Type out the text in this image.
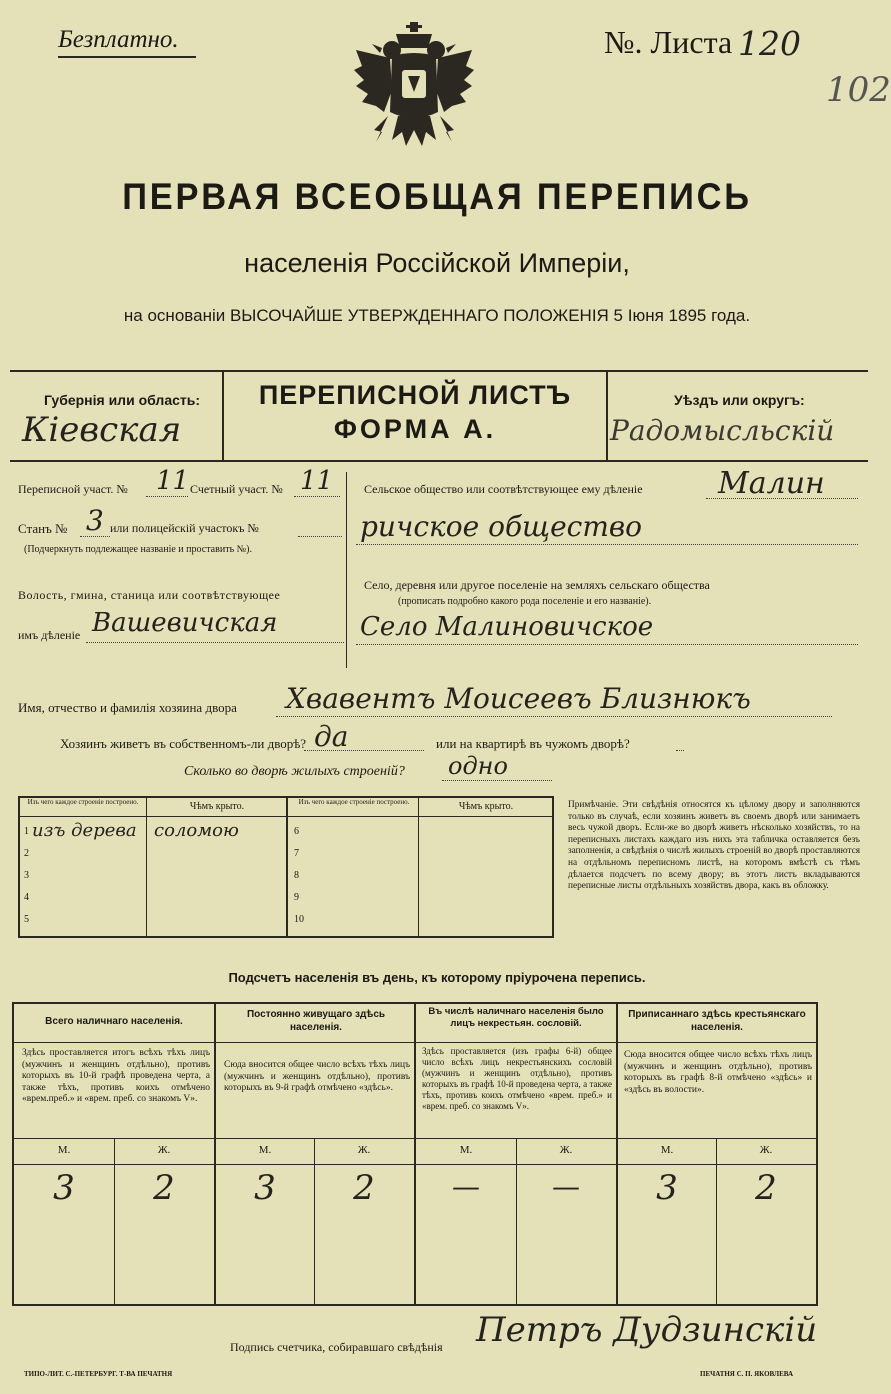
Безплатно.	№. Листа 120
102
ПЕРВАЯ ВСЕОБЩАЯ ПЕРЕПИСЬ
населенія Россійской Имперіи,
на основаніи ВЫСОЧАЙШЕ УТВЕРЖДЕННАГО ПОЛОЖЕНІЯ 5 Іюня 1895 года.
Губернія или область:
Кіевская
ПЕРЕПИСНОЙ ЛИСТЪ
ФОРМА А.
Уѣздъ или округъ:
Радомысльскій
Переписной участ. № 11 Счетный участ. № 11
Станъ № 3 или полицейскій участокъ №
(Подчеркнуть подлежащее названіе и проставить №).
Волость, гмина, станица или соотвѣтствующее
имъ дѣленіе Вашевичская
Сельское общество или соотвѣтствующее ему дѣленіе	Малин
ричское общество
Село, деревня или другое поселеніе на земляхъ сельскаго общества
(прописать подробно какого рода поселеніе и его названіе).
Село Малиновичское
Имя, отчество и фамилія хозяина двора Хвавентъ Моисеевъ Близнюкъ
Хозяинъ живетъ въ собственномъ-ли дворѣ? да	или на квартирѣ въ чужомъ дворѣ?
Сколько во дворѣ жилыхъ строеній? одно
Изъ чего каждое строеніе построено.	Чѣмъ крыто.	Изъ чего каждое строеніе построено.	Чѣмъ крыто.
1 изъ дерева соломою
2
3
4
5
6
7
8
9
10
Примѣчаніе. Эти свѣдѣнія относятся къ цѣлому двору и заполняются только въ случаѣ, если хозяинъ живетъ въ своемъ дворѣ или занимаетъ весь чужой дворъ. Если-же во дворѣ живетъ нѣсколько хозяйствъ, то на переписныхъ листахъ каждаго изъ нихъ эта табличка оставляется безъ заполненія, а свѣдѣнія о числѣ жилыхъ строеній во дворѣ проставляются на отдѣльномъ переписномъ листѣ, на которомъ вмѣстѣ съ тѣмъ дѣлается подсчетъ по всему двору; въ этотъ листъ вкладываются переписные листы отдѣльныхъ хозяйствъ двора, какъ въ обложку.
Подсчетъ населенія въ день, къ которому пріурочена перепись.
Всего наличнаго населенія.
Здѣсь проставляется итогъ всѣхъ тѣхъ лицъ (мужчинъ и женщинъ отдѣльно), противъ которыхъ въ 10-й графѣ проведена черта, а также тѣхъ, противъ коихъ отмѣчено «врем.преб.» и «врем. преб. со знакомъ V».
М.	Ж.
3	2
Постоянно живущаго здѣсь населенія.
Сюда вносится общее число всѣхъ тѣхъ лицъ (мужчинъ и женщинъ отдѣльно), противъ которыхъ въ 9-й графѣ отмѣчено «здѣсь».
М.	Ж.
3	2
Въ числѣ наличнаго населенія было лицъ некрестьян. сословій.
Здѣсь проставляется (изъ графы 6-й) общее число всѣхъ лицъ некрестьянскихъ сословій (мужчинъ и женщинъ отдѣльно), противъ которыхъ въ графѣ 10-й проведена черта, а также тѣхъ, противъ коихъ отмѣчено «врем. преб.» и «врем. преб. со знакомъ V».
М.	Ж.
—	—
Приписаннаго здѣсь крестьянскаго населенія.
Сюда вносится общее число всѣхъ тѣхъ лицъ (мужчинъ и женщинъ отдѣльно), противъ которыхъ въ графѣ 8-й отмѣчено «здѣсь» и «здѣсь въ волости».
М.	Ж.
3	2
Подпись счетчика, собиравшаго свѣдѣнія Петръ Дудзинскій
ТИПО-ЛИТ. С.-ПЕТЕРБУРГ. Т-ВА ПЕЧАТНЯ	ПЕЧАТНЯ С. П. ЯКОВЛЕВА
